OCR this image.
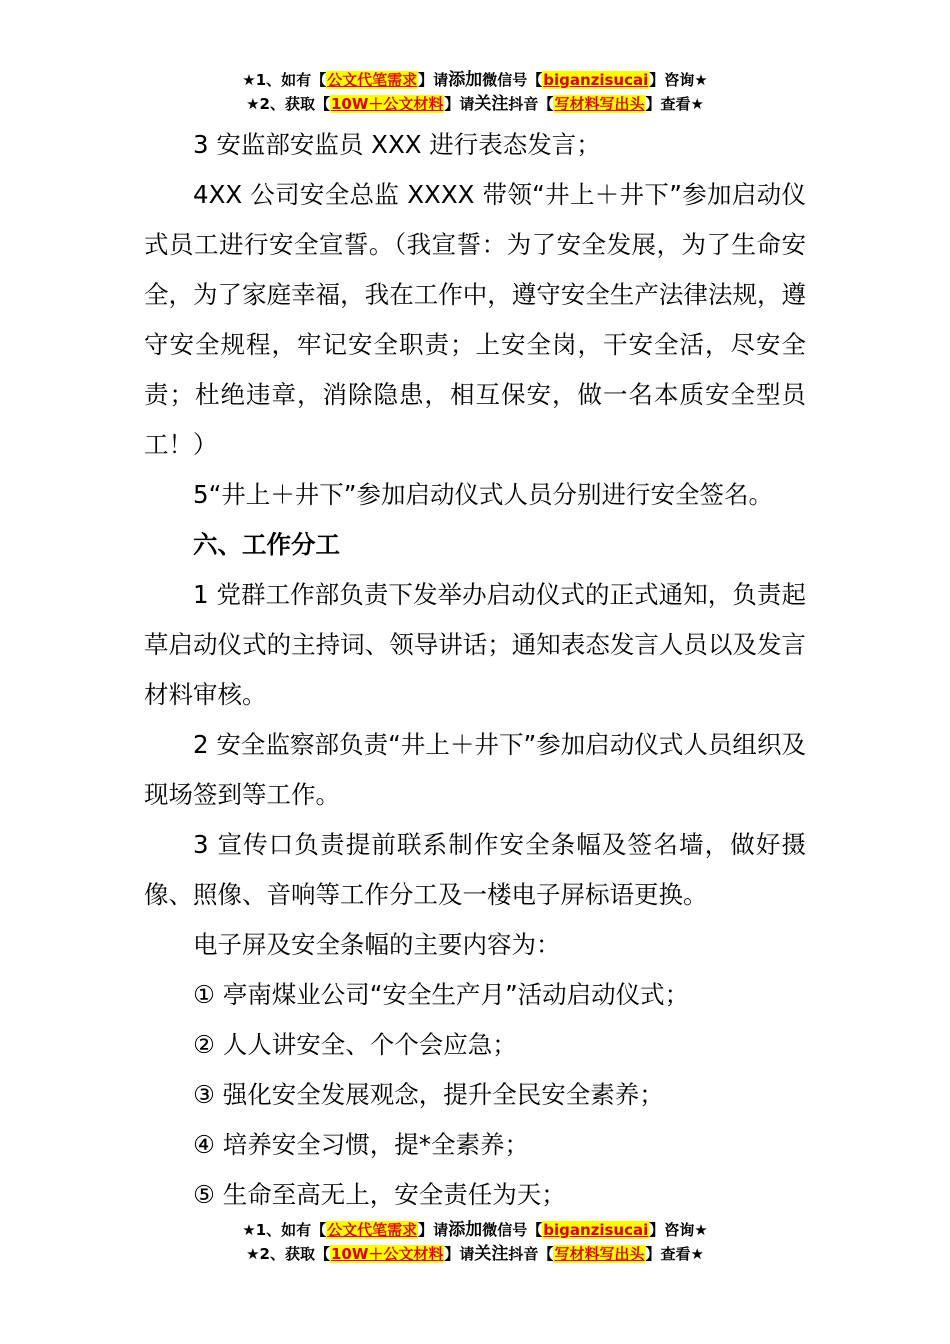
★1、如有【公文代笔需求】请添加微信号【biganzisucai】咨询★
★2、获取【10W＋公文材料】请关注抖音【写材料写出头】查看★

3 安监部安监员 XXX 进行表态发言；

4XX 公司安全总监 XXXX 带领“井上＋井下”参加启动仪式员工进行安全宣誓。（我宣誓：为了安全发展，为了生命安全，为了家庭幸福，我在工作中，遵守安全生产法律法规，遵守安全规程，牢记安全职责；上安全岗，干安全活，尽安全责；杜绝违章，消除隐患，相互保安，做一名本质安全型员工！）

5“井上＋井下”参加启动仪式人员分别进行安全签名。

六、工作分工

1 党群工作部负责下发举办启动仪式的正式通知，负责起草启动仪式的主持词、领导讲话；通知表态发言人员以及发言材料审核。

2 安全监察部负责“井上＋井下”参加启动仪式人员组织及现场签到等工作。

3 宣传口负责提前联系制作安全条幅及签名墙，做好摄像、照像、音响等工作分工及一楼电子屏标语更换。

电子屏及安全条幅的主要内容为：

① 亭南煤业公司“安全生产月”活动启动仪式；

② 人人讲安全、个个会应急；

③ 强化安全发展观念，提升全民安全素养；

④ 培养安全习惯，提*全素养；

⑤ 生命至高无上，安全责任为天；

★1、如有【公文代笔需求】请添加微信号【biganzisucai】咨询★
★2、获取【10W＋公文材料】请关注抖音【写材料写出头】查看★
